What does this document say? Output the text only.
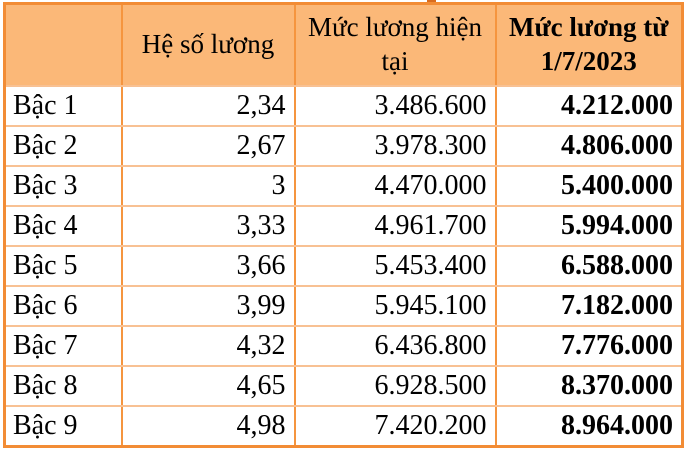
	Hệ số lương	Mức lương hiện tại	Mức lương từ 1/7/2023
Bậc 1	2,34	3.486.600	4.212.000
Bậc 2	2,67	3.978.300	4.806.000
Bậc 3	3	4.470.000	5.400.000
Bậc 4	3,33	4.961.700	5.994.000
Bậc 5	3,66	5.453.400	6.588.000
Bậc 6	3,99	5.945.100	7.182.000
Bậc 7	4,32	6.436.800	7.776.000
Bậc 8	4,65	6.928.500	8.370.000
Bậc 9	4,98	7.420.200	8.964.000
